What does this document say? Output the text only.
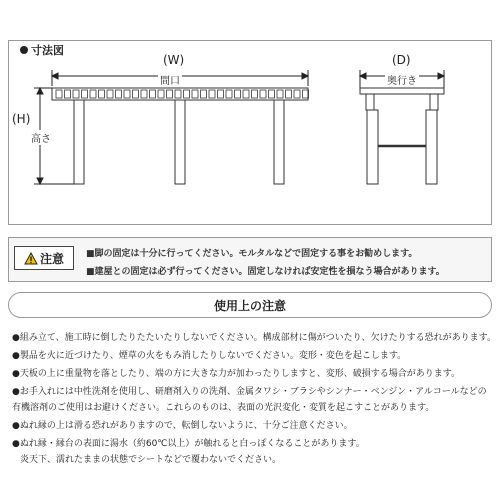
寸法図
(W)
間口
(D)
奥行き
(H)
高さ
注意 ■脚の固定は十分に行ってください。モルタルなどで固定する事をお勧めします。
■建屋との固定は必ず行ってください。固定しなければ安定性を損なう場合があります。
使用上の注意
●組み立て、施工時に倒したりたたいたりしないでください。構成部材に傷がついたり、欠けたりする恐れがあります。
●製品を火に近づけたり、煙草の火をもみ消したりしないでください。変形・変色を起こします。
●天板の上に重量物を落としたり、端の方に大きな力が加わったりしますと、変形、破損する場合があります。
●お手入れには中性洗剤を使用し、研磨剤入りの洗剤、金属タワシ・ブラシやシンナー・ベンジン・アルコールなどの
有機溶剤のご使用はお避けください。これらのものは、表面の光沢変化・変質を起こすことがあります。
●ぬれ縁の上は滑る恐れがありますので、転倒しないように、十分ご注意ください。
●ぬれ縁・縁台の表面に湯水（約60℃以上）が触れると白っぽくなることがあります。
炎天下、濡れたままの状態でシートなどで覆わないでください。
